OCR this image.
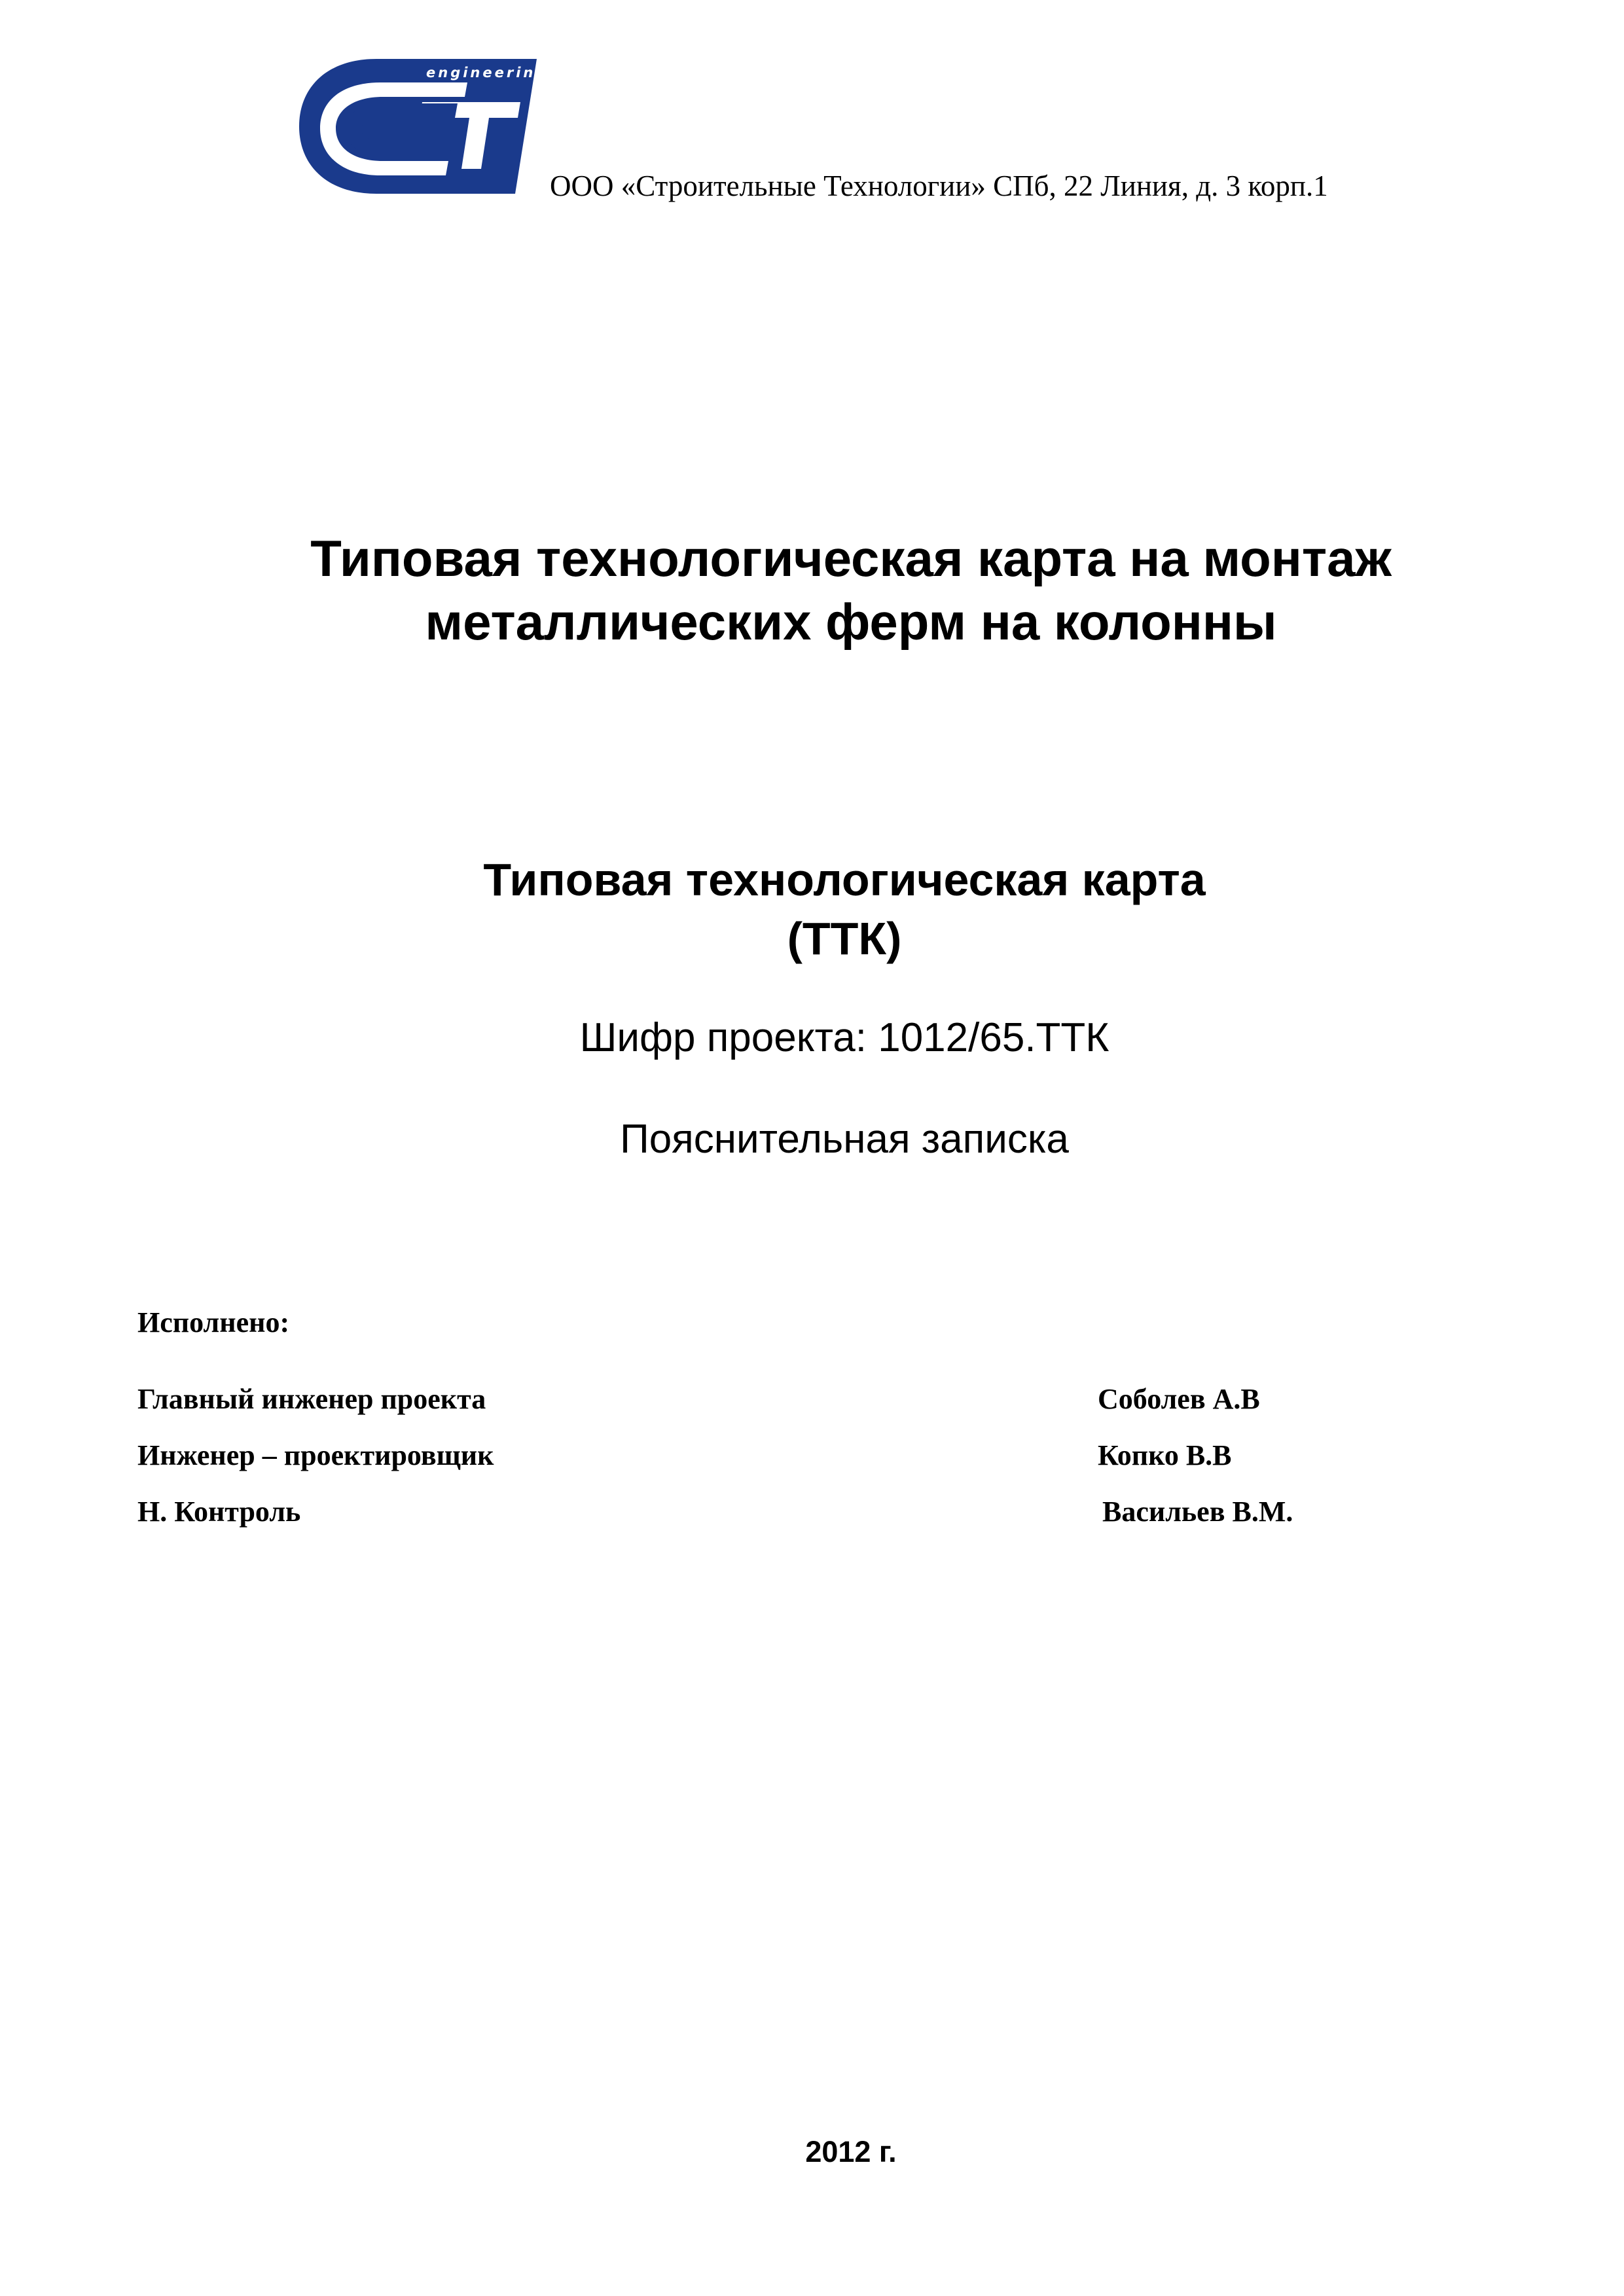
engineering
ООО «Строительные Технологии» СПб, 22 Линия, д. 3 корп.1
Типовая технологическая карта на монтаж
металлических ферм на колонны
Типовая технологическая карта
(ТТК)
Шифр проекта: 1012/65.ТТК
Пояснительная записка
Исполнено:
Главный инженер проекта	Соболев А.В
Инженер – проектировщик	Копко В.В
Н. Контроль	Васильев В.М.
2012 г.
